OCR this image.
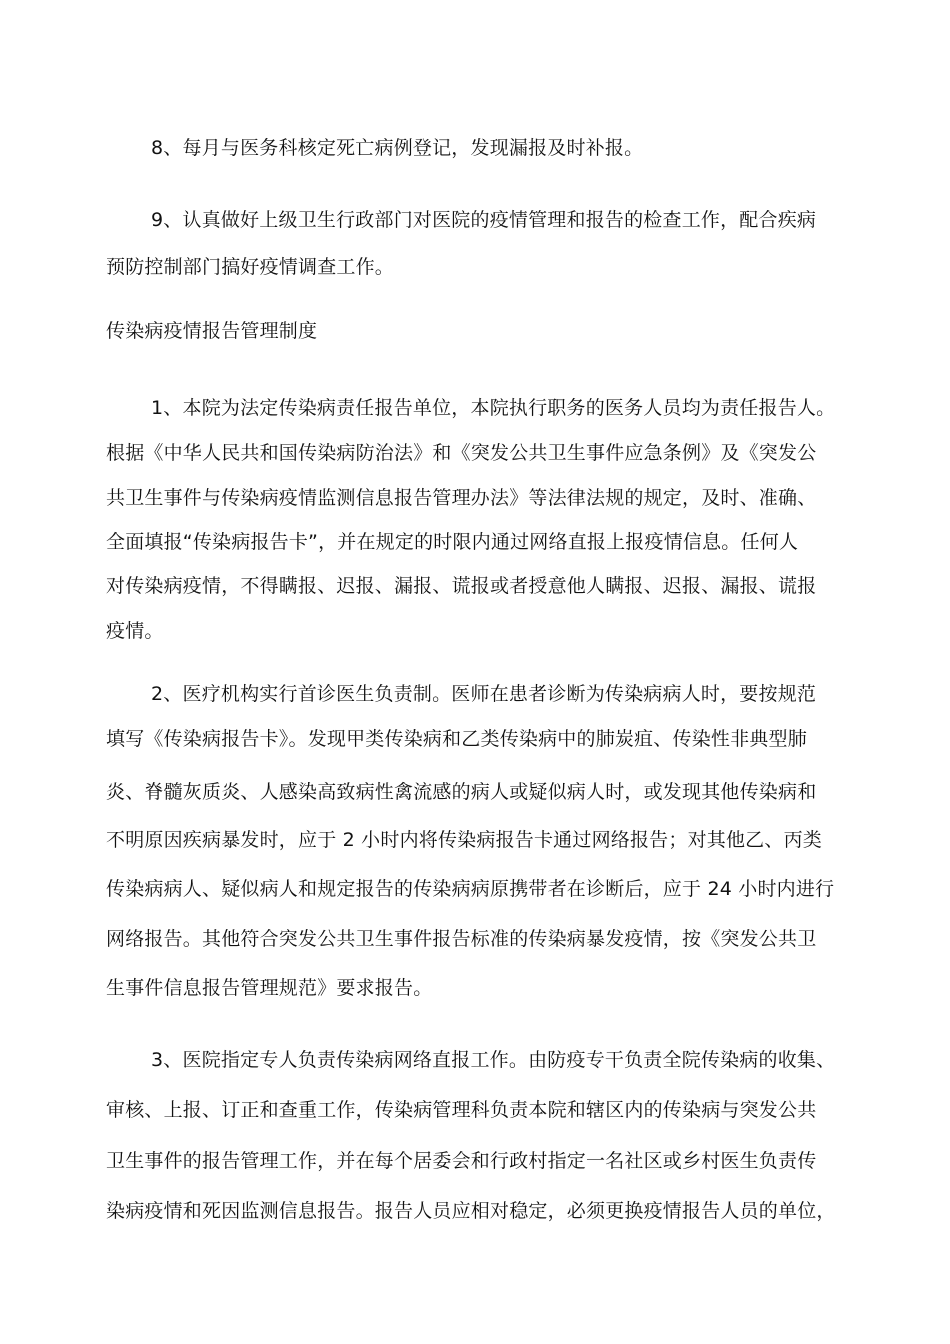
8、每月与医务科核定死亡病例登记，发现漏报及时补报。
9、认真做好上级卫生行政部门对医院的疫情管理和报告的检查工作，配合疾病
预防控制部门搞好疫情调查工作。
传染病疫情报告管理制度
1、本院为法定传染病责任报告单位，本院执行职务的医务人员均为责任报告人。
根据《中华人民共和国传染病防治法》和《突发公共卫生事件应急条例》及《突发公
共卫生事件与传染病疫情监测信息报告管理办法》等法律法规的规定，及时、准确、
全面填报“传染病报告卡”，并在规定的时限内通过网络直报上报疫情信息。任何人
对传染病疫情，不得瞒报、迟报、漏报、谎报或者授意他人瞒报、迟报、漏报、谎报
疫情。
2、医疗机构实行首诊医生负责制。医师在患者诊断为传染病病人时，要按规范
填写《传染病报告卡》。发现甲类传染病和乙类传染病中的肺炭疽、传染性非典型肺
炎、脊髓灰质炎、人感染高致病性禽流感的病人或疑似病人时，或发现其他传染病和
不明原因疾病暴发时，应于 2 小时内将传染病报告卡通过网络报告；对其他乙、丙类
传染病病人、疑似病人和规定报告的传染病病原携带者在诊断后，应于 24 小时内进行
网络报告。其他符合突发公共卫生事件报告标准的传染病暴发疫情，按《突发公共卫
生事件信息报告管理规范》要求报告。
3、医院指定专人负责传染病网络直报工作。由防疫专干负责全院传染病的收集、
审核、上报、订正和查重工作，传染病管理科负责本院和辖区内的传染病与突发公共
卫生事件的报告管理工作，并在每个居委会和行政村指定一名社区或乡村医生负责传
染病疫情和死因监测信息报告。报告人员应相对稳定，必须更换疫情报告人员的单位，
